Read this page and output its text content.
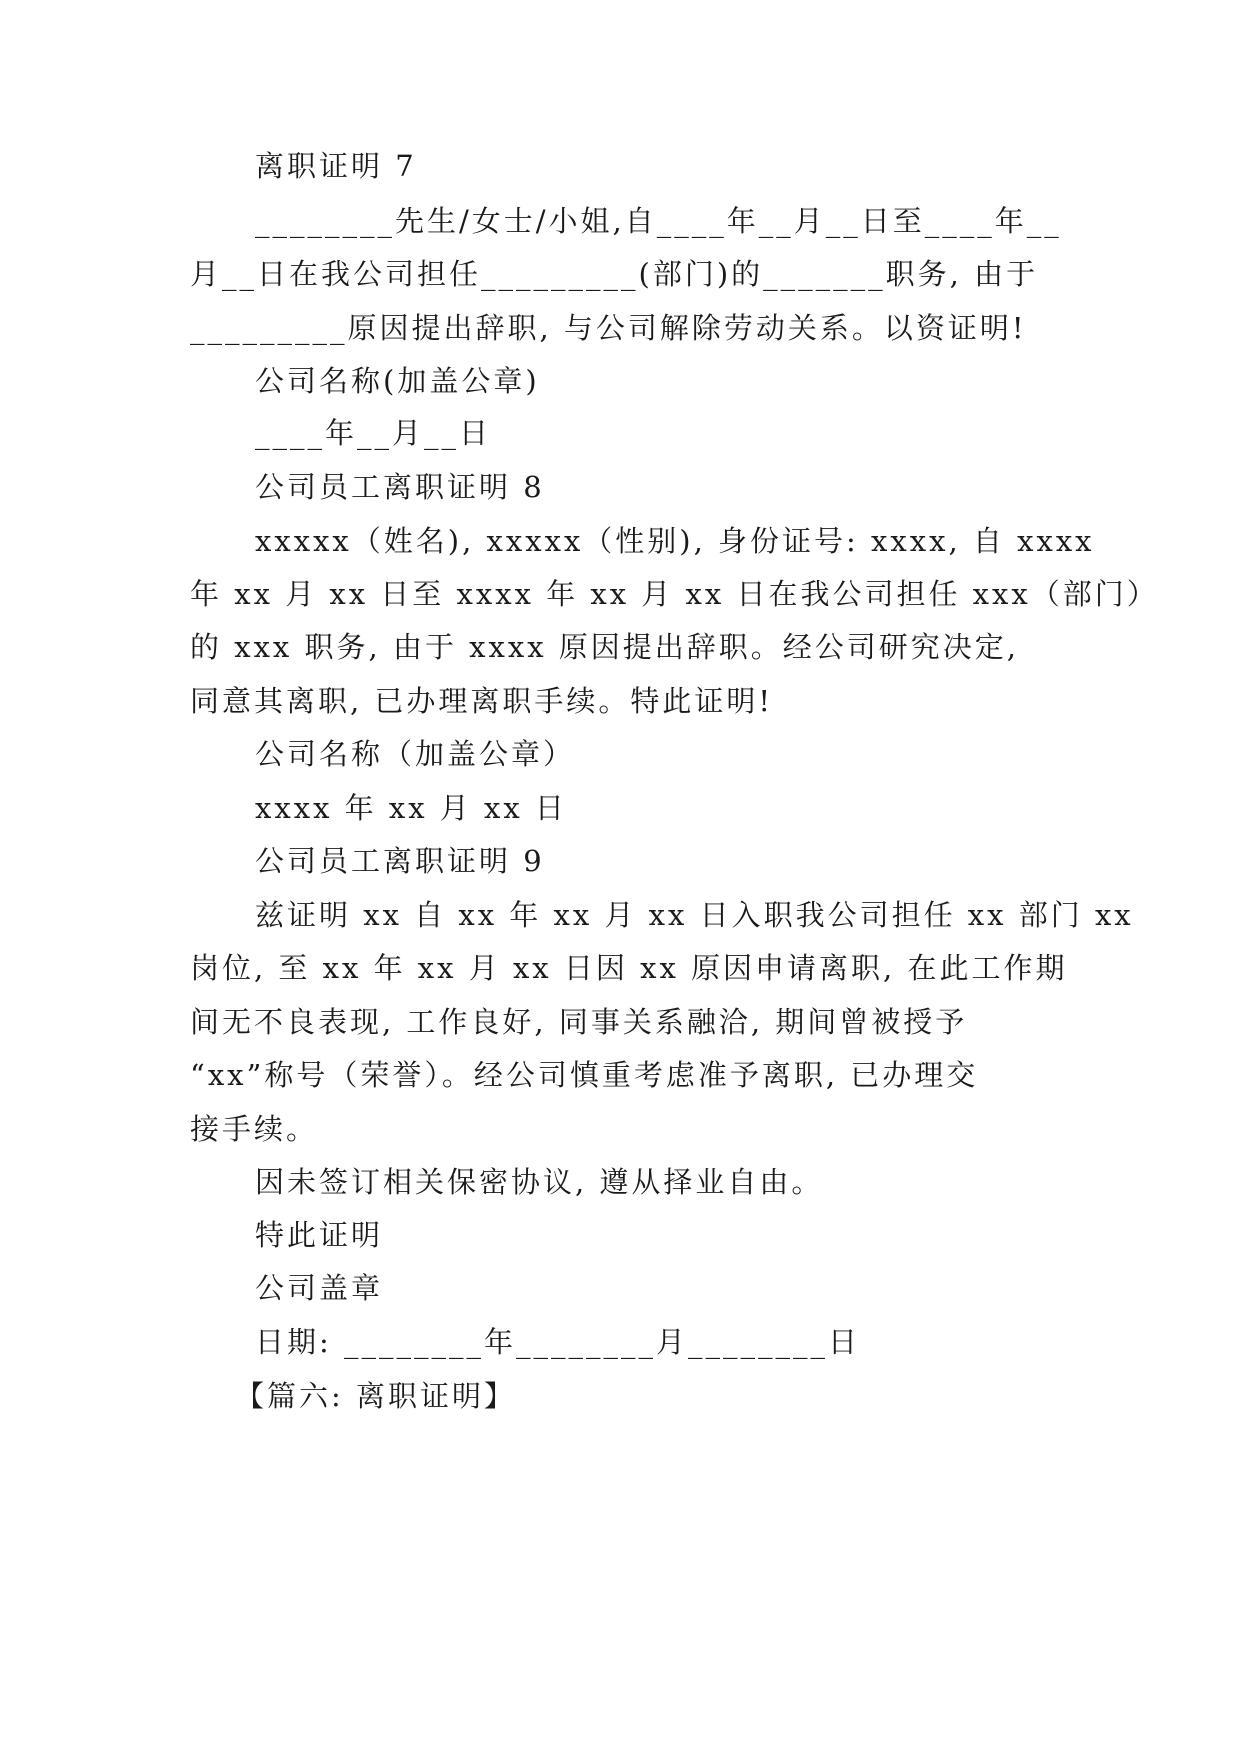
离职证明 7
________先生/女士/小姐,自____年__月__日至____年__
月__日在我公司担任_________(部门)的_______职务, 由于
_________原因提出辞职, 与公司解除劳动关系。以资证明!
公司名称(加盖公章)
____年__月__日
公司员工离职证明 8
xxxxx（姓名), xxxxx（性别), 身份证号: xxxx, 自 xxxx
年 xx 月 xx 日至 xxxx 年 xx 月 xx 日在我公司担任 xxx（部门）
的 xxx 职务, 由于 xxxx 原因提出辞职。经公司研究决定,
同意其离职, 已办理离职手续。特此证明!
公司名称（加盖公章）
xxxx 年 xx 月 xx 日
公司员工离职证明 9
兹证明 xx 自 xx 年 xx 月 xx 日入职我公司担任 xx 部门 xx
岗位, 至 xx 年 xx 月 xx 日因 xx 原因申请离职, 在此工作期
间无不良表现, 工作良好, 同事关系融洽, 期间曾被授予
“xx”称号（荣誉）。经公司慎重考虑准予离职, 已办理交
接手续。
因未签订相关保密协议, 遵从择业自由。
特此证明
公司盖章
日期: ________年________月________日
【篇六: 离职证明】
